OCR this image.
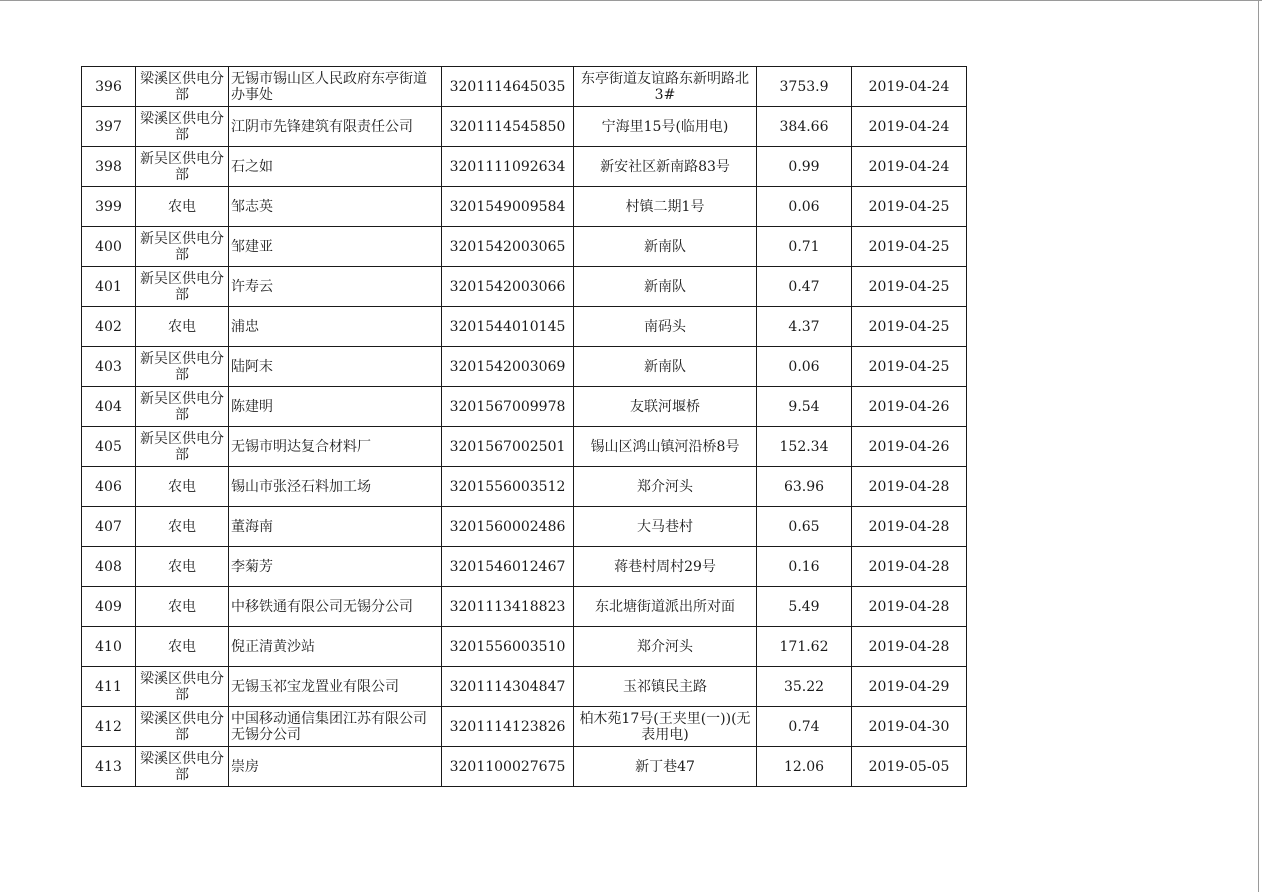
396	梁溪区供电分部	无锡市锡山区人民政府东亭街道办事处	3201114645035	东亭街道友谊路东新明路北3#	3753.9	2019-04-24
397	梁溪区供电分部	江阴市先锋建筑有限责任公司	3201114545850	宁海里15号(临用电)	384.66	2019-04-24
398	新吴区供电分部	石之如	3201111092634	新安社区新南路83号	0.99	2019-04-24
399	农电	邹志英	3201549009584	村镇二期1号	0.06	2019-04-25
400	新吴区供电分部	邹建亚	3201542003065	新南队	0.71	2019-04-25
401	新吴区供电分部	许寿云	3201542003066	新南队	0.47	2019-04-25
402	农电	浦忠	3201544010145	南码头	4.37	2019-04-25
403	新吴区供电分部	陆阿末	3201542003069	新南队	0.06	2019-04-25
404	新吴区供电分部	陈建明	3201567009978	友联河堰桥	9.54	2019-04-26
405	新吴区供电分部	无锡市明达复合材料厂	3201567002501	锡山区鸿山镇河沿桥8号	152.34	2019-04-26
406	农电	锡山市张泾石料加工场	3201556003512	郑介河头	63.96	2019-04-28
407	农电	董海南	3201560002486	大马巷村	0.65	2019-04-28
408	农电	李菊芳	3201546012467	蒋巷村周村29号	0.16	2019-04-28
409	农电	中移铁通有限公司无锡分公司	3201113418823	东北塘街道派出所对面	5.49	2019-04-28
410	农电	倪正清黄沙站	3201556003510	郑介河头	171.62	2019-04-28
411	梁溪区供电分部	无锡玉祁宝龙置业有限公司	3201114304847	玉祁镇民主路	35.22	2019-04-29
412	梁溪区供电分部	中国移动通信集团江苏有限公司无锡分公司	3201114123826	柏木苑17号(王夹里(一))(无表用电)	0.74	2019-04-30
413	梁溪区供电分部	崇房	3201100027675	新丁巷47	12.06	2019-05-05
